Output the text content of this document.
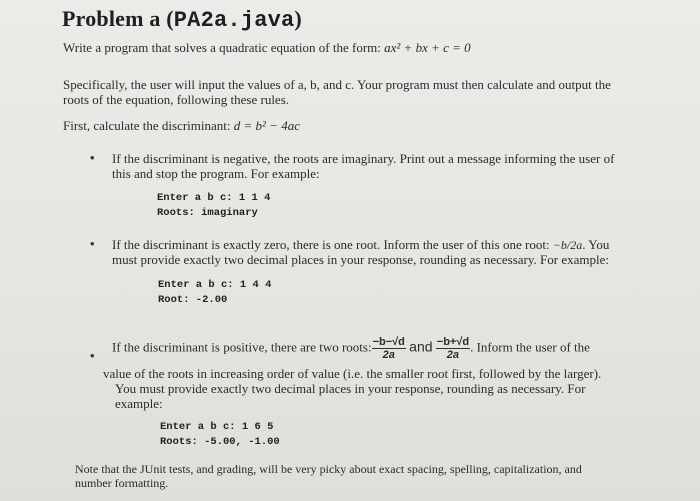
Problem a (PA2a.java)
Write a program that solves a quadratic equation of the form: ax² + bx + c = 0
Specifically, the user will input the values of a, b, and c. Your program must then calculate and output the
roots of the equation, following these rules.
First, calculate the discriminant: d = b² − 4ac
• If the discriminant is negative, the roots are imaginary. Print out a message informing the user of
this and stop the program. For example:
Enter a b c: 1 1 4
Roots: imaginary
• If the discriminant is exactly zero, there is one root. Inform the user of this one root: −b/2a. You
must provide exactly two decimal places in your response, rounding as necessary. For example:
Enter a b c: 1 4 4
Root: -2.00
•
If the discriminant is positive, there are two roots: $\frac{-b-√d}{2a}$ and $\frac{-b+√d}{2a}$ . Inform the user of the
value of the roots in increasing order of value (i.e. the smaller root first, followed by the larger).
You must provide exactly two decimal places in your response, rounding as necessary. For
example:
Enter a b c: 1 6 5
Roots: -5.00, -1.00
Note that the JUnit tests, and grading, will be very picky about exact spacing, spelling, capitalization, and
number formatting.
